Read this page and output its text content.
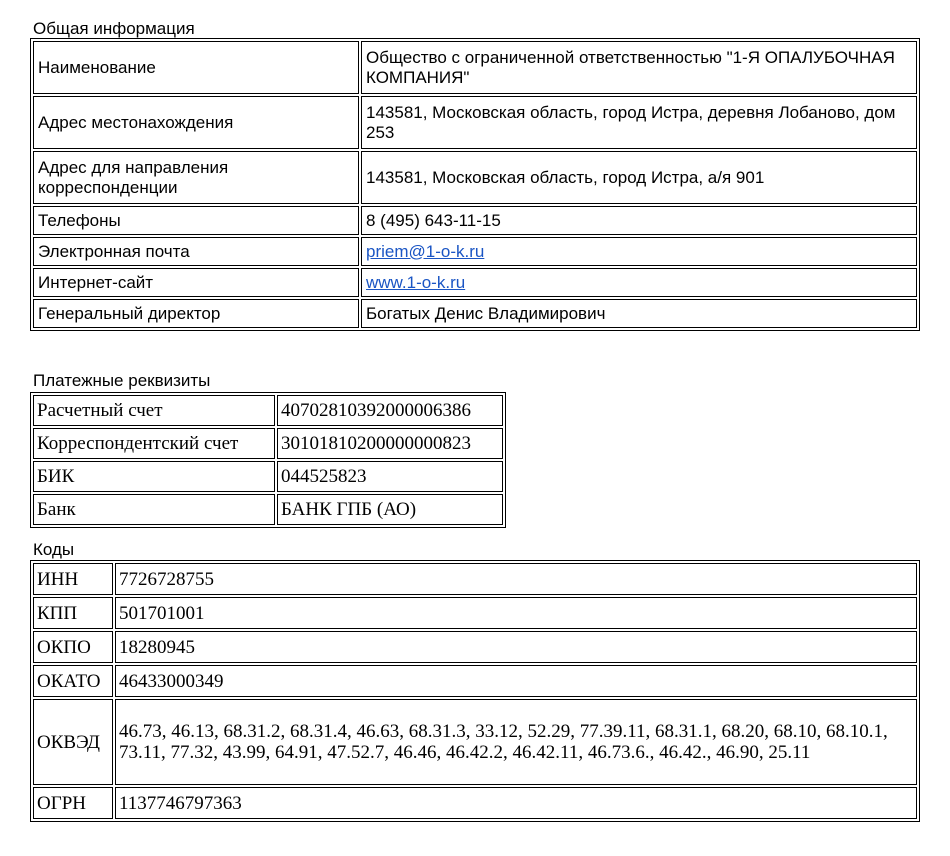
Общая информация
Наименование	Общество с ограниченной ответственностью "1-Я ОПАЛУБОЧНАЯ КОМПАНИЯ"
Адрес местонахождения	143581, Московская область, город Истра, деревня Лобаново, дом 253
Адрес для направления корреспонденции	143581, Московская область, город Истра, а/я 901
Телефоны	8 (495) 643-11-15
Электронная почта	priem@1-o-k.ru
Интернет-сайт	www.1-o-k.ru
Генеральный директор	Богатых Денис Владимирович
Платежные реквизиты
Расчетный счет	40702810392000006386
Корреспондентский счет	30101810200000000823
БИК	044525823
Банк	БАНК ГПБ (АО)
Коды
ИНН	7726728755
КПП	501701001
ОКПО	18280945
ОКАТО	46433000349
ОКВЭД	46.73, 46.13, 68.31.2, 68.31.4, 46.63, 68.31.3, 33.12, 52.29, 77.39.11, 68.31.1, 68.20, 68.10, 68.10.1, 73.11, 77.32, 43.99, 64.91, 47.52.7, 46.46, 46.42.2, 46.42.11, 46.73.6., 46.42., 46.90, 25.11
ОГРН	1137746797363
